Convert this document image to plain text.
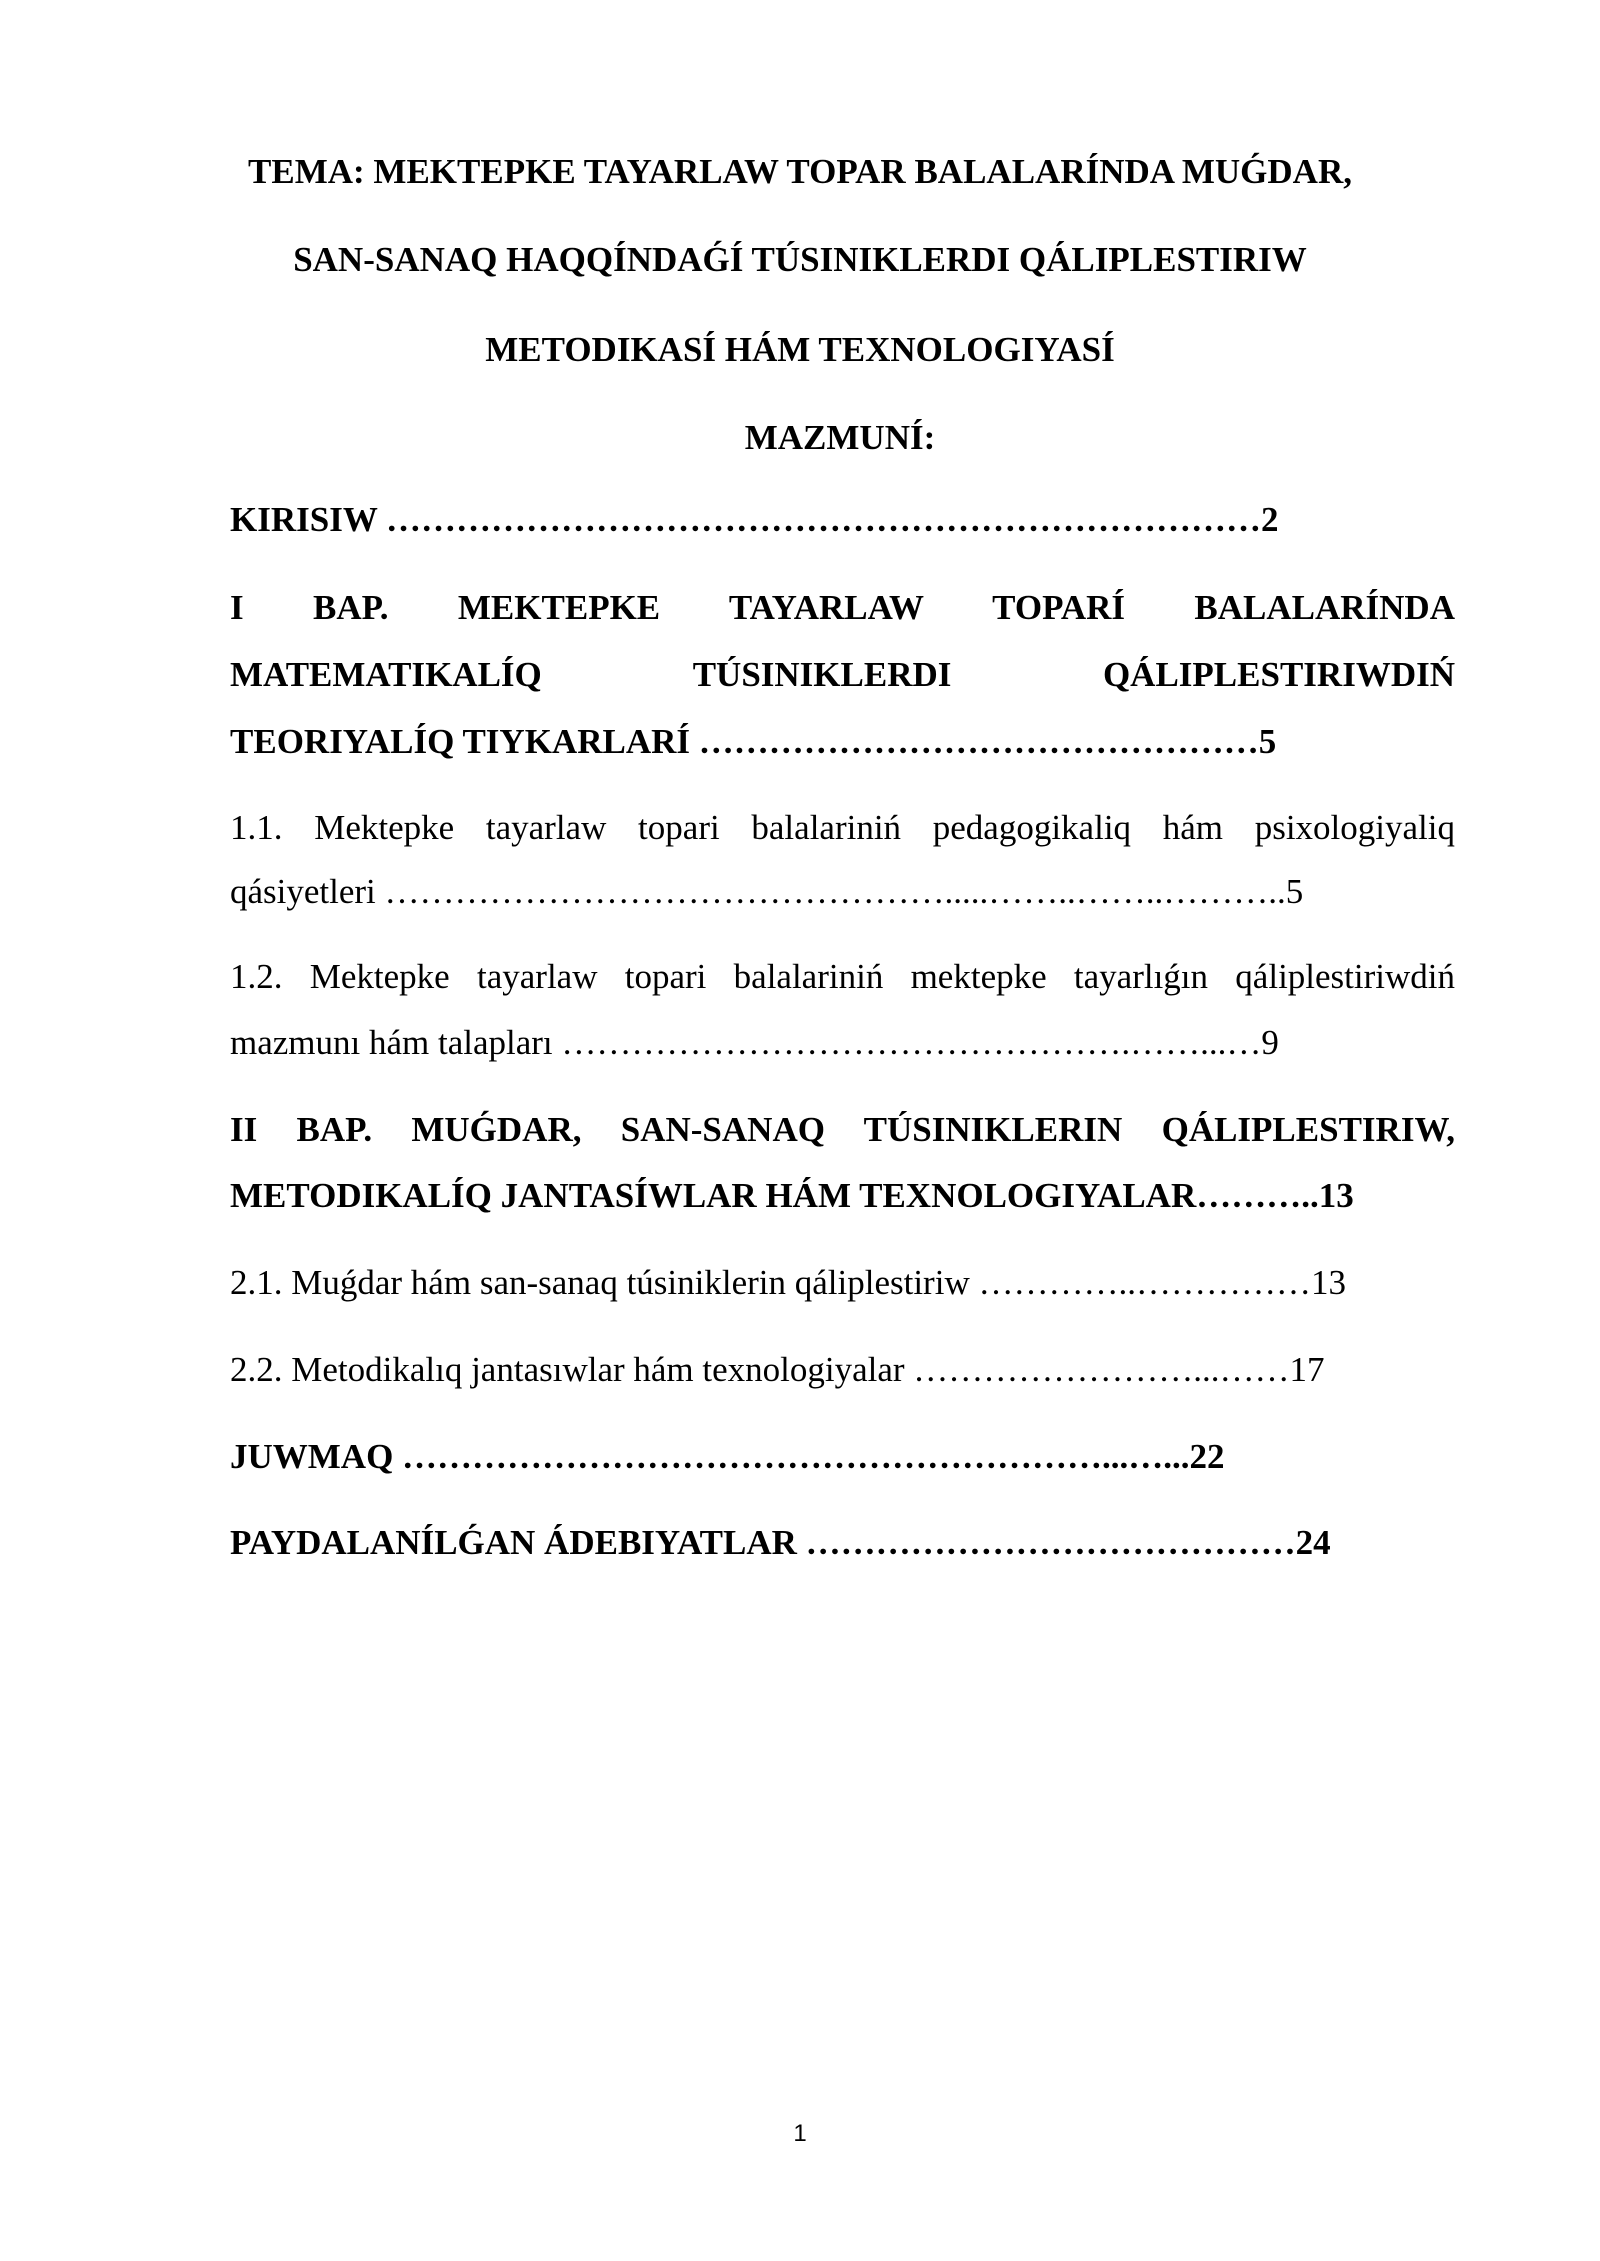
TEMA: MEKTEPKE TAYARLAW TOPAR BALALARÍNDA MUǴDAR,
SAN-SANAQ HAQQÍNDAǴÍ TÚSINIKLERDI QÁLIPLESTIRIW
METODIKASÍ HÁM TEXNOLOGIYASÍ
MAZMUNÍ:
KIRISIW …………………………………………………………………2
I BAP. MEKTEPKE TAYARLAW TOPARÍ BALALARÍNDA
MATEMATIKALÍQ TÚSINIKLERDI QÁLIPLESTIRIWDIŃ
TEORIYALÍQ TIYKARLARÍ …………………………………………5
1.1. Mektepke tayarlaw topari balalariniń pedagogikaliq hám psixologiyaliq
qásiyetleri ………………………………………….....……..……..………..5
1.2. Mektepke tayarlaw topari balalariniń mektepke tayarlıǵın qáliplestiriwdiń
mazmunı hám talapları ………………………………………….……...…9
II BAP. MUǴDAR, SAN-SANAQ TÚSINIKLERIN QÁLIPLESTIRIW,
METODIKALÍQ JANTASÍWLAR HÁM TEXNOLOGIYALAR………..13
2.1. Muǵdar hám san-sanaq túsiniklerin qáliplestiriw …………..……………13
2.2. Metodikalıq jantasıwlar hám texnologiyalar ……………………...……17
JUWMAQ ……………………………………………………...…...22
PAYDALANÍLǴAN ÁDEBIYATLAR ……………………………………24
1
